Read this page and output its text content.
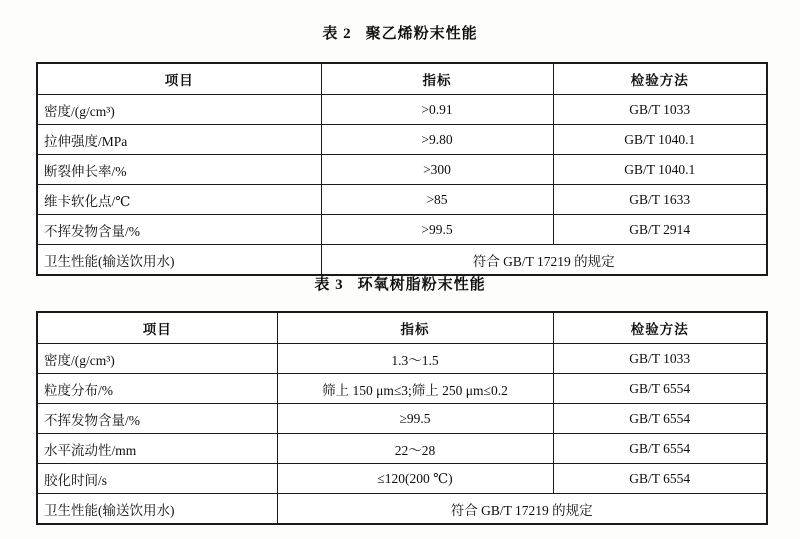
表 2 聚乙烯粉末性能
项目	指标	检验方法
密度/(g/cm³)	>0.91	GB/T 1033
拉伸强度/MPa	>9.80	GB/T 1040.1
断裂伸长率/%	>300	GB/T 1040.1
维卡软化点/℃	>85	GB/T 1633
不挥发物含量/%	>99.5	GB/T 2914
卫生性能(输送饮用水)	符合 GB/T 17219 的规定	
表 3 环氧树脂粉末性能
项目	指标	检验方法
密度/(g/cm³)	1.3～1.5	GB/T 1033
粒度分布/%	筛上 150 μm≤3;筛上 250 μm≤0.2	GB/T 6554
不挥发物含量/%	≥99.5	GB/T 6554
水平流动性/mm	22～28	GB/T 6554
胶化时间/s	≤120(200 ℃)	GB/T 6554
卫生性能(输送饮用水)	符合 GB/T 17219 的规定	
